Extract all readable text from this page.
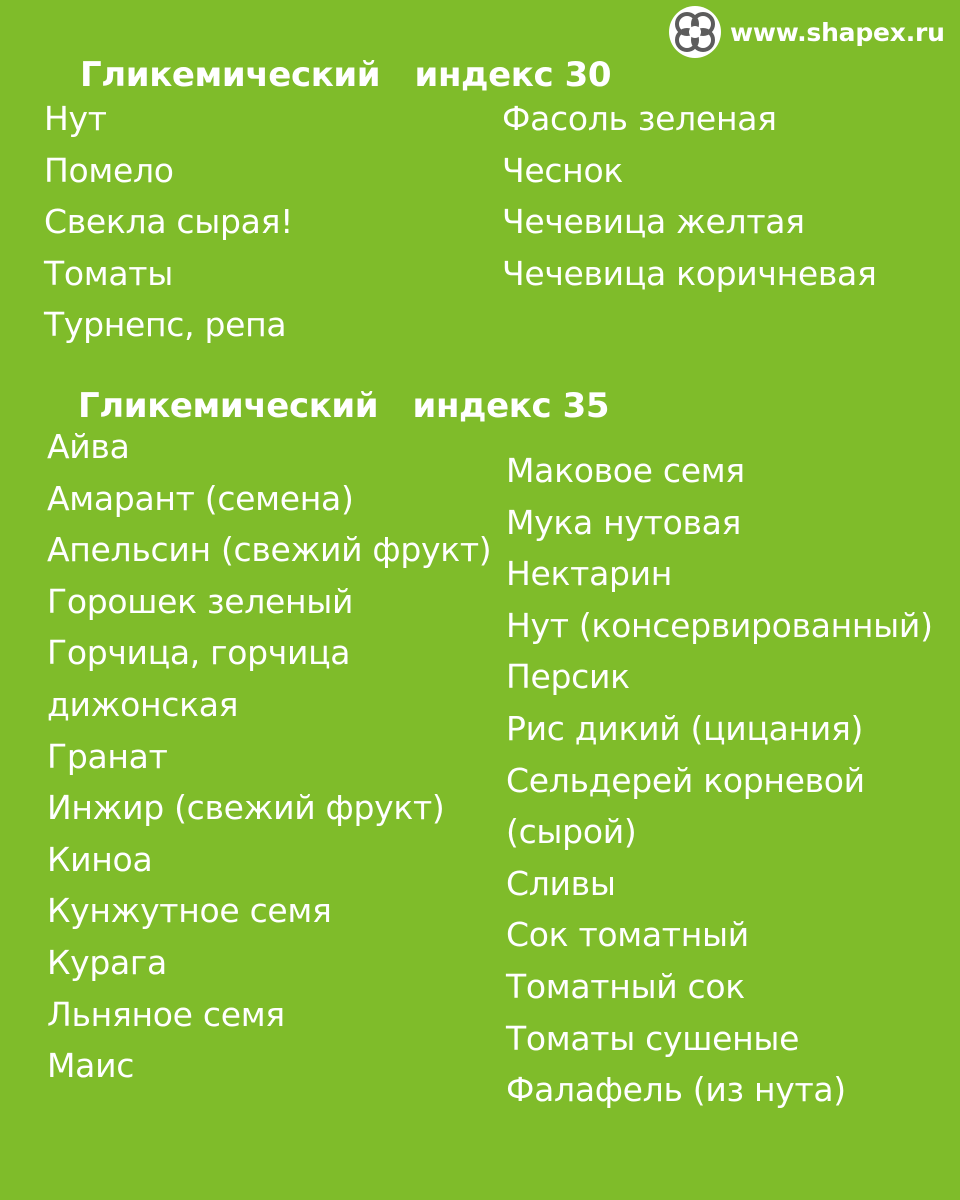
www.shapex.ru
Гликемический   индекс 30
Нут
Помело
Свекла сырая!
Томаты
Турнепс, репа
Фасоль зеленая
Чеснок
Чечевица желтая
Чечевица коричневая
Гликемический   индекс 35
Айва
Амарант (семена)
Апельсин (свежий фрукт)
Горошек зеленый
Горчица, горчица
дижонская
Гранат
Инжир (свежий фрукт)
Киноа
Кунжутное семя
Курага
Льняное семя
Маис
Маковое семя
Мука нутовая
Нектарин
Нут (консервированный)
Персик
Рис дикий (цицания)
Сельдерей корневой
(сырой)
Сливы
Сок томатный
Томатный сок
Томаты сушеные
Фалафель (из нута)
